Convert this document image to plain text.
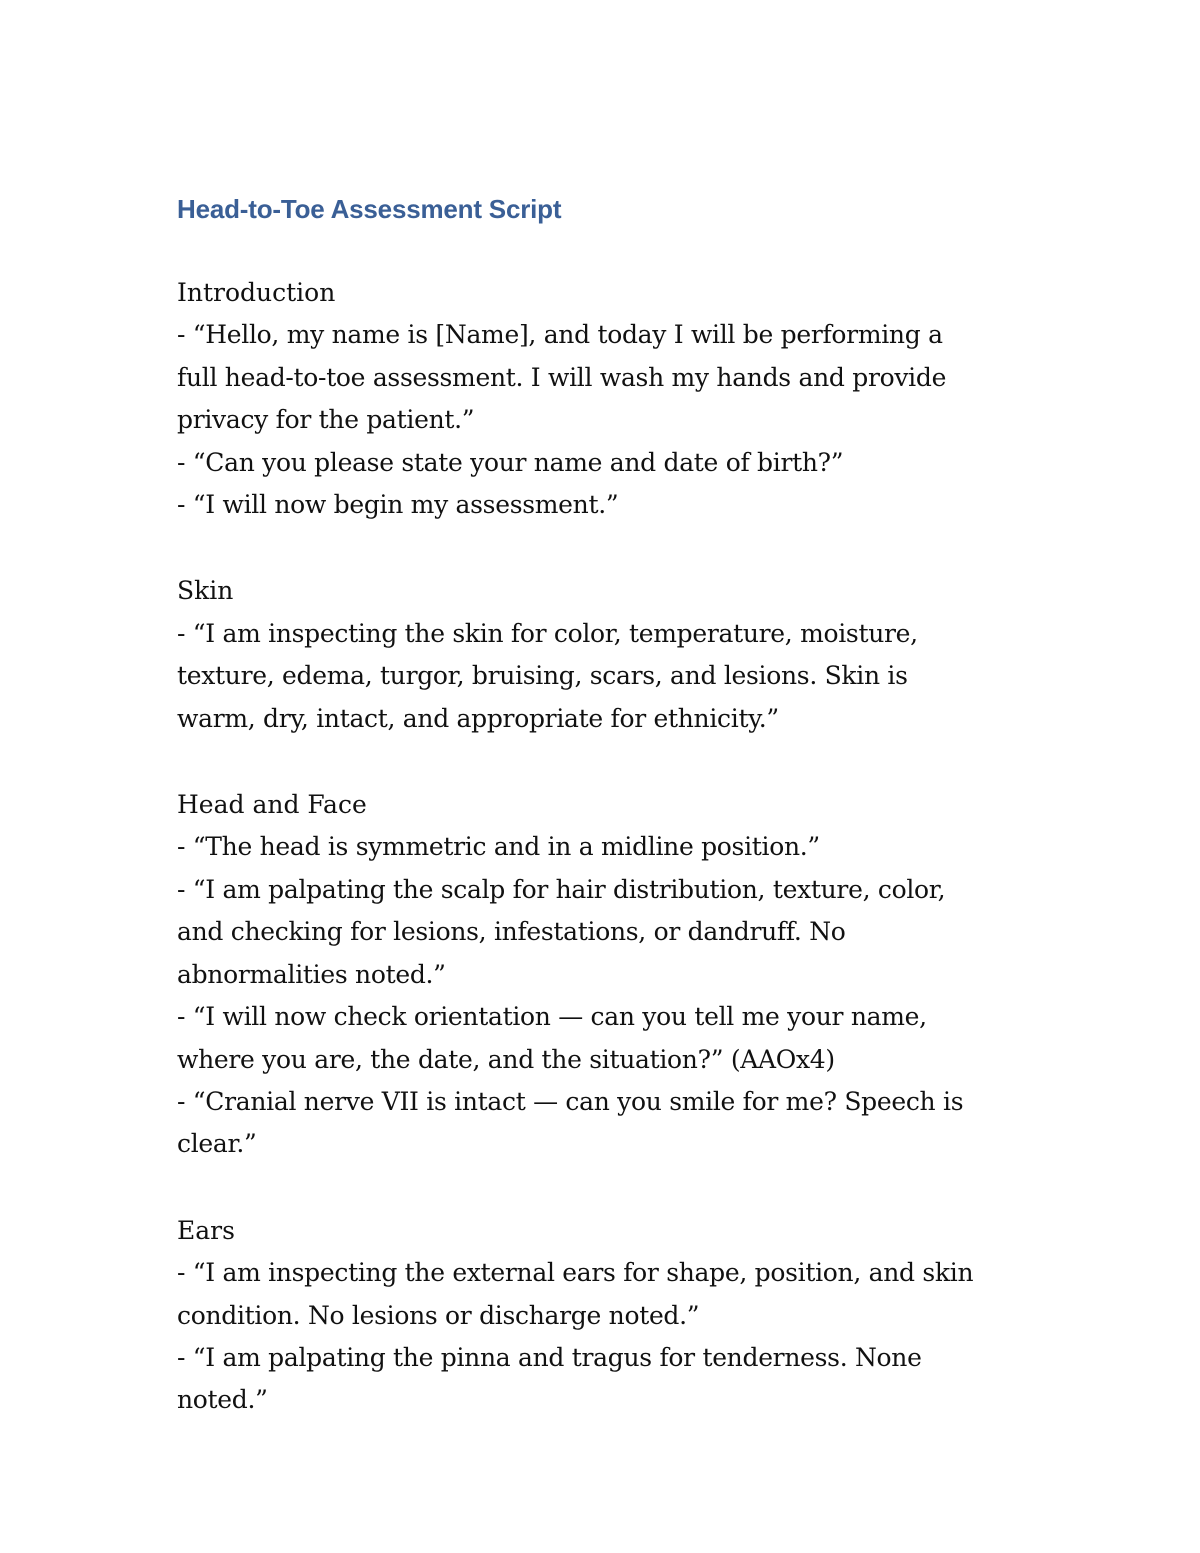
Head-to-Toe Assessment Script

Introduction

- “Hello, my name is [Name], and today I will be performing a

full head-to-toe assessment. I will wash my hands and provide

privacy for the patient.”

- “Can you please state your name and date of birth?”

- “I will now begin my assessment.”

Skin

- “I am inspecting the skin for color, temperature, moisture,

texture, edema, turgor, bruising, scars, and lesions. Skin is

warm, dry, intact, and appropriate for ethnicity.”

Head and Face

- “The head is symmetric and in a midline position.”

- “I am palpating the scalp for hair distribution, texture, color,

and checking for lesions, infestations, or dandruff. No

abnormalities noted.”

- “I will now check orientation — can you tell me your name,

where you are, the date, and the situation?” (AAOx4)

- “Cranial nerve VII is intact — can you smile for me? Speech is

clear.”

Ears

- “I am inspecting the external ears for shape, position, and skin

condition. No lesions or discharge noted.”

- “I am palpating the pinna and tragus for tenderness. None

noted.”
